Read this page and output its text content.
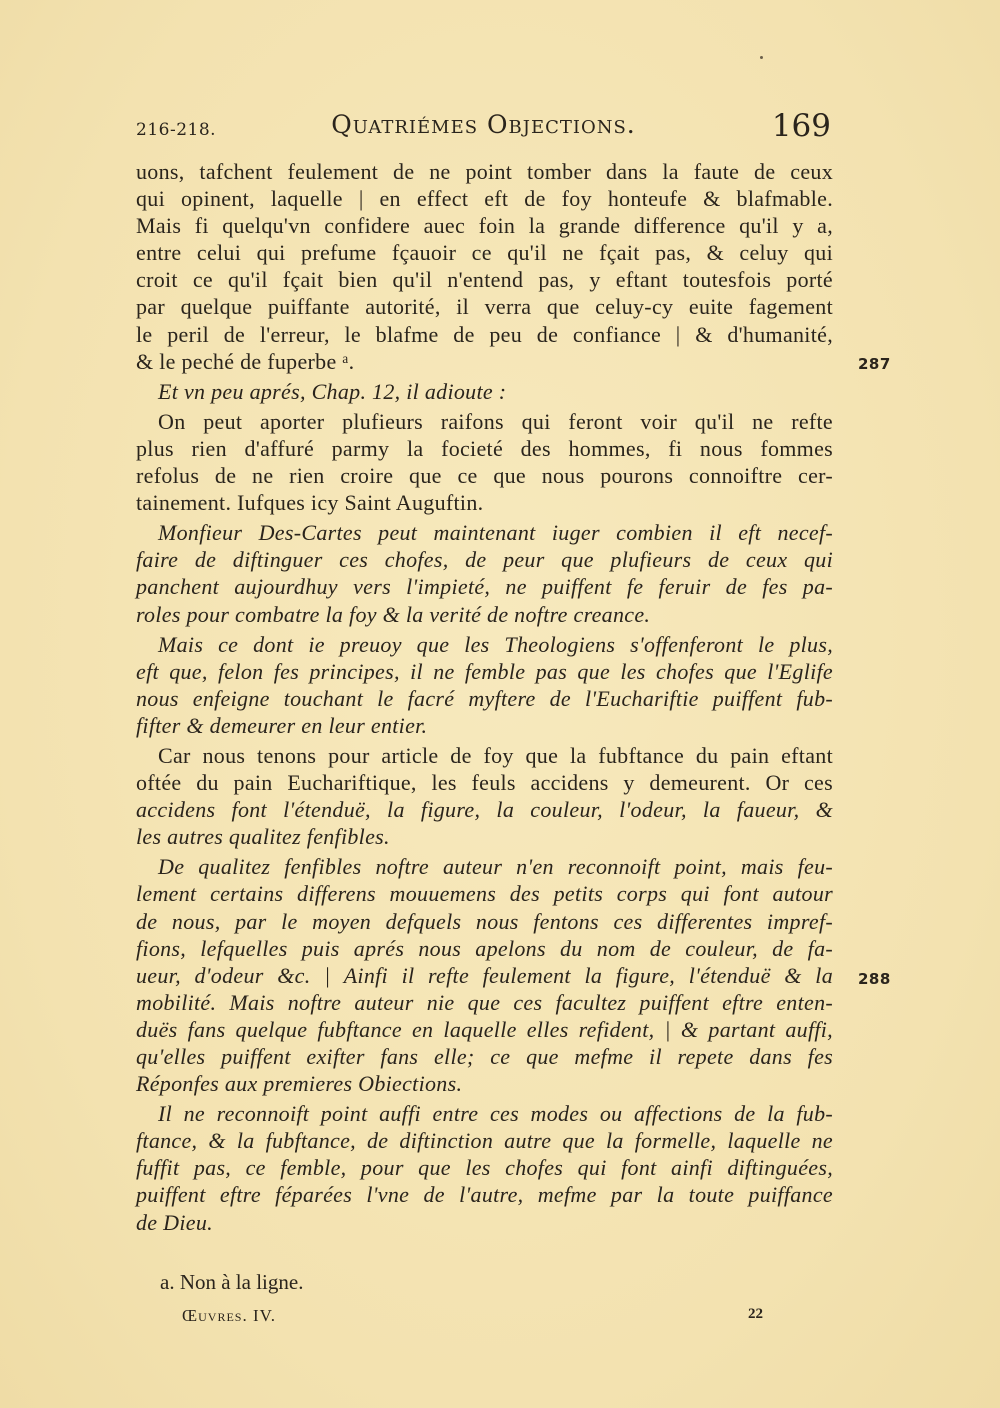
216-218.	Quatriémes Objections.	169
uons, tafchent feulement de ne point tomber dans la faute de ceux
qui opinent, laquelle | en effect eft de foy honteufe & blafmable.
Mais fi quelqu'vn confidere auec foin la grande difference qu'il y a,
entre celui qui prefume fçauoir ce qu'il ne fçait pas, & celuy qui
croit ce qu'il fçait bien qu'il n'entend pas, y eftant toutesfois porté
par quelque puiffante autorité, il verra que celuy-cy euite fagement
le peril de l'erreur, le blafme de peu de confiance | & d'humanité,
& le peché de fuperbe ᵃ.
Et vn peu aprés, Chap. 12, il adioute :
On peut aporter plufieurs raifons qui feront voir qu'il ne refte
plus rien d'affuré parmy la focieté des hommes, fi nous fommes
refolus de ne rien croire que ce que nous pourons connoiftre cer-
tainement. Iufques icy Saint Auguftin.
Monfieur Des-Cartes peut maintenant iuger combien il eft necef-
faire de diftinguer ces chofes, de peur que plufieurs de ceux qui
panchent aujourdhuy vers l'impieté, ne puiffent fe feruir de fes pa-
roles pour combatre la foy & la verité de noftre creance.
Mais ce dont ie preuoy que les Theologiens s'offenferont le plus,
eft que, felon fes principes, il ne femble pas que les chofes que l'Eglife
nous enfeigne touchant le facré myftere de l'Euchariftie puiffent fub-
fifter & demeurer en leur entier.
Car nous tenons pour article de foy que la fubftance du pain eftant
oftée du pain Euchariftique, les feuls accidens y demeurent. Or ces
accidens font l'étenduë, la figure, la couleur, l'odeur, la faueur, &
les autres qualitez fenfibles.
De qualitez fenfibles noftre auteur n'en reconnoift point, mais feu-
lement certains differens mouuemens des petits corps qui font autour
de nous, par le moyen defquels nous fentons ces differentes impref-
fions, lefquelles puis aprés nous apelons du nom de couleur, de fa-
ueur, d'odeur &c. | Ainfi il refte feulement la figure, l'étenduë & la
mobilité. Mais noftre auteur nie que ces facultez puiffent eftre enten-
duës fans quelque fubftance en laquelle elles refident, | & partant auffi,
qu'elles puiffent exifter fans elle; ce que mefme il repete dans fes
Réponfes aux premieres Obiections.
Il ne reconnoift point auffi entre ces modes ou affections de la fub-
ftance, & la fubftance, de diftinction autre que la formelle, laquelle ne
fuffit pas, ce femble, pour que les chofes qui font ainfi diftinguées,
puiffent eftre féparées l'vne de l'autre, mefme par la toute puiffance
de Dieu.
287
288
a. Non à la ligne.
Œuvres. IV.	22
